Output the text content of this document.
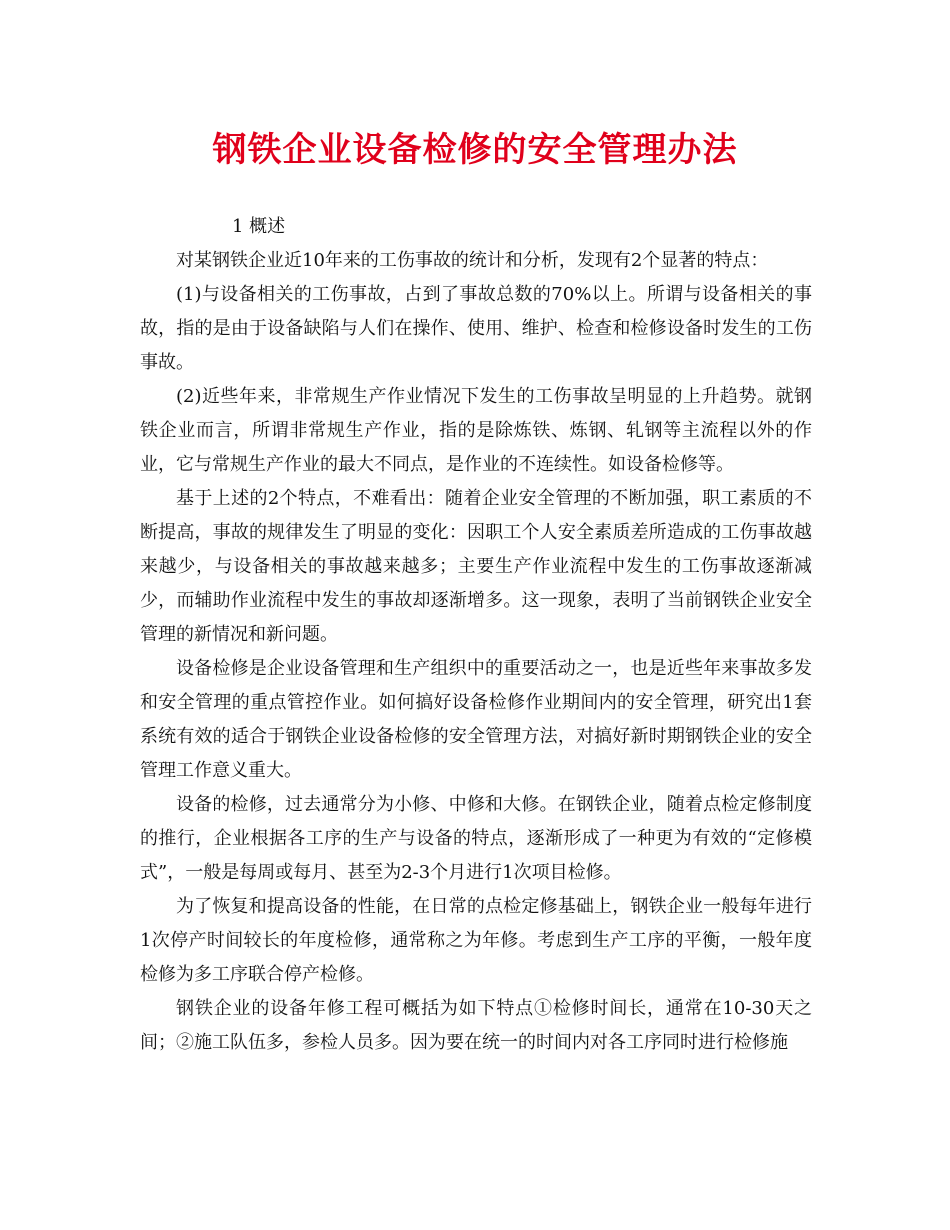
钢铁企业设备检修的安全管理办法

1 概述

对某钢铁企业近10年来的工伤事故的统计和分析，发现有2个显著的特点：

(1)与设备相关的工伤事故，占到了事故总数的70%以上。所谓与设备相关的事故，指的是由于设备缺陷与人们在操作、使用、维护、检查和检修设备时发生的工伤事故。

(2)近些年来，非常规生产作业情况下发生的工伤事故呈明显的上升趋势。就钢铁企业而言，所谓非常规生产作业，指的是除炼铁、炼钢、轧钢等主流程以外的作业，它与常规生产作业的最大不同点，是作业的不连续性。如设备检修等。

基于上述的2个特点，不难看出：随着企业安全管理的不断加强，职工素质的不断提高，事故的规律发生了明显的变化：因职工个人安全素质差所造成的工伤事故越来越少，与设备相关的事故越来越多；主要生产作业流程中发生的工伤事故逐渐减少，而辅助作业流程中发生的事故却逐渐增多。这一现象，表明了当前钢铁企业安全管理的新情况和新问题。

设备检修是企业设备管理和生产组织中的重要活动之一，也是近些年来事故多发和安全管理的重点管控作业。如何搞好设备检修作业期间内的安全管理，研究出1套系统有效的适合于钢铁企业设备检修的安全管理方法，对搞好新时期钢铁企业的安全管理工作意义重大。

设备的检修，过去通常分为小修、中修和大修。在钢铁企业，随着点检定修制度的推行，企业根据各工序的生产与设备的特点，逐渐形成了一种更为有效的“定修模式”，一般是每周或每月、甚至为2-3个月进行1次项目检修。

为了恢复和提高设备的性能，在日常的点检定修基础上，钢铁企业一般每年进行1次停产时间较长的年度检修，通常称之为年修。考虑到生产工序的平衡，一般年度检修为多工序联合停产检修。

钢铁企业的设备年修工程可概括为如下特点①检修时间长，通常在10-30天之间；②施工队伍多，参检人员多。因为要在统一的时间内对各工序同时进行检修施
